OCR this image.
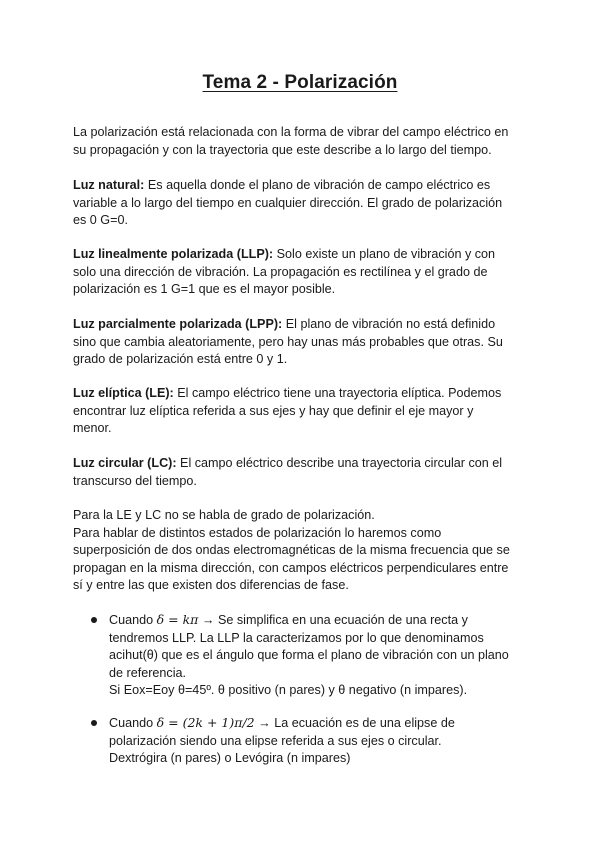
Tema 2 - Polarización
La polarización está relacionada con la forma de vibrar del campo eléctrico en
su propagación y con la trayectoria que este describe a lo largo del tiempo.
Luz natural: Es aquella donde el plano de vibración de campo eléctrico es
variable a lo largo del tiempo en cualquier dirección. El grado de polarización
es 0 G=0.
Luz linealmente polarizada (LLP): Solo existe un plano de vibración y con
solo una dirección de vibración. La propagación es rectilínea y el grado de
polarización es 1 G=1 que es el mayor posible.
Luz parcialmente polarizada (LPP): El plano de vibración no está definido
sino que cambia aleatoriamente, pero hay unas más probables que otras. Su
grado de polarización está entre 0 y 1.
Luz elíptica (LE): El campo eléctrico tiene una trayectoria elíptica. Podemos
encontrar luz elíptica referida a sus ejes y hay que definir el eje mayor y
menor.
Luz circular (LC): El campo eléctrico describe una trayectoria circular con el
transcurso del tiempo.
Para la LE y LC no se habla de grado de polarización.
Para hablar de distintos estados de polarización lo haremos como
superposición de dos ondas electromagnéticas de la misma frecuencia que se
propagan en la misma dirección, con campos eléctricos perpendiculares entre
sí y entre las que existen dos diferencias de fase.
Cuando δ = kπ → Se simplifica en una ecuación de una recta y
tendremos LLP. La LLP la caracterizamos por lo que denominamos
acihut(θ) que es el ángulo que forma el plano de vibración con un plano
de referencia.
Si Eox=Eoy θ=45º. θ positivo (n pares) y θ negativo (n impares).
Cuando δ = (2k + 1)π/2 → La ecuación es de una elipse de
polarización siendo una elipse referida a sus ejes o circular.
Dextrógira (n pares) o Levógira (n impares)
